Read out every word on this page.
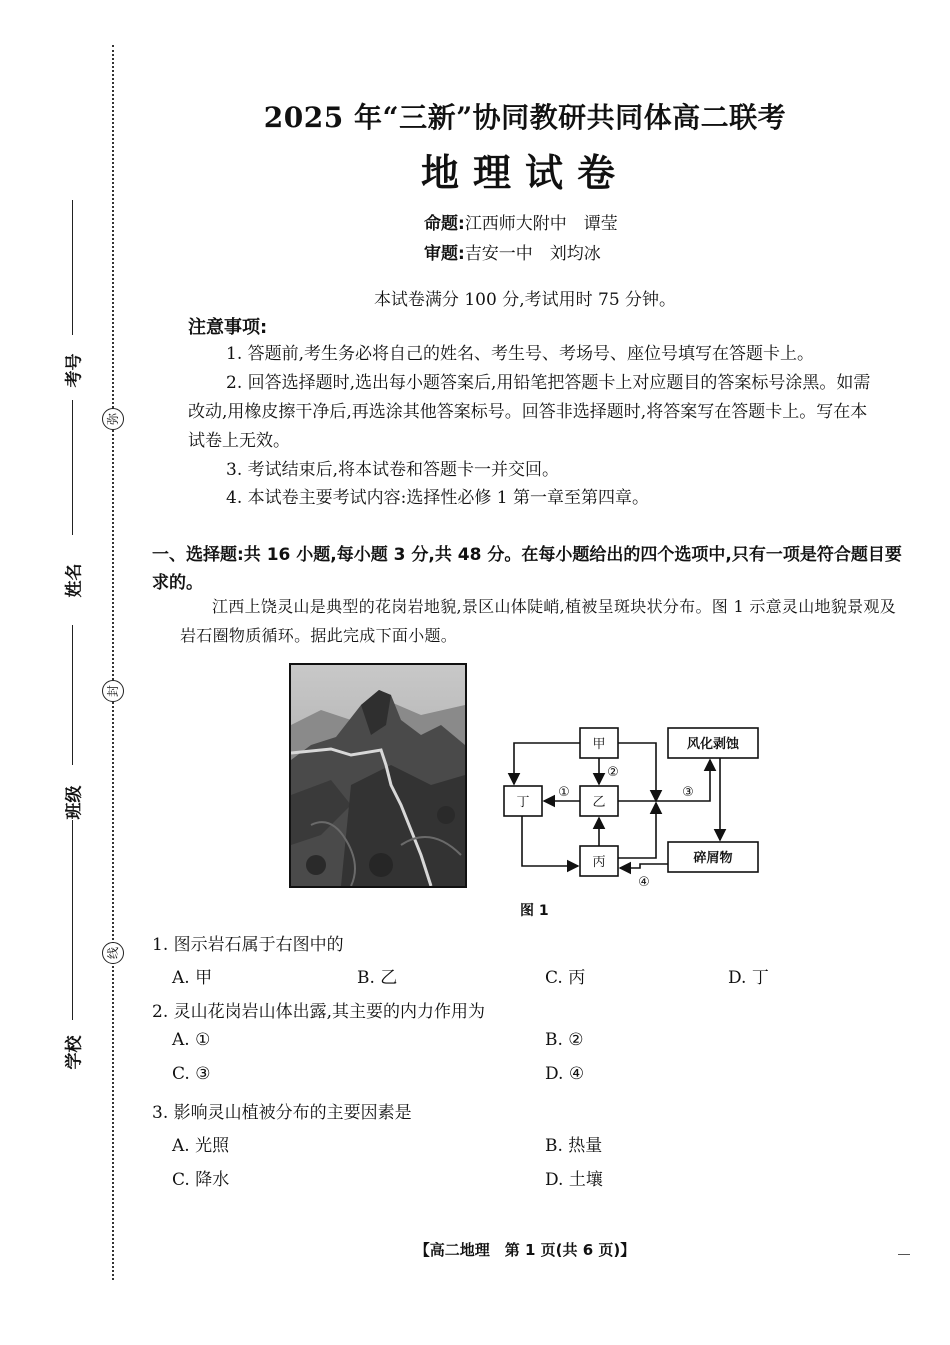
考号
姓名
班级
学校
弥
封
线
2025 年“三新”协同教研共同体高二联考
地理试卷
命题:江西师大附中　谭莹
审题:吉安一中　刘均冰
本试卷满分 100 分,考试用时 75 分钟。
注意事项:
1. 答题前,考生务必将自己的姓名、考生号、考场号、座位号填写在答题卡上。
2. 回答选择题时,选出每小题答案后,用铅笔把答题卡上对应题目的答案标号涂黑。如需改动,用橡皮擦干净后,再选涂其他答案标号。回答非选择题时,将答案写在答题卡上。写在本试卷上无效。
3. 考试结束后,将本试卷和答题卡一并交回。
4. 本试卷主要考试内容:选择性必修 1 第一章至第四章。
一、选择题:共 16 小题,每小题 3 分,共 48 分。在每小题给出的四个选项中,只有一项是符合题目要求的。
江西上饶灵山是典型的花岗岩地貌,景区山体陡峭,植被呈斑块状分布。图 1 示意灵山地貌景观及岩石圈物质循环。据此完成下面小题。
甲
乙
丙
丁
风化剥蚀
碎屑物
①
②
③
④
图 1
1. 图示岩石属于右图中的
A. 甲	B. 乙	C. 丙	D. 丁
2. 灵山花岗岩山体出露,其主要的内力作用为
A. ①	B. ②
C. ③	D. ④
3. 影响灵山植被分布的主要因素是
A. 光照	B. 热量
C. 降水	D. 土壤
【高二地理　第 1 页(共 6 页)】
